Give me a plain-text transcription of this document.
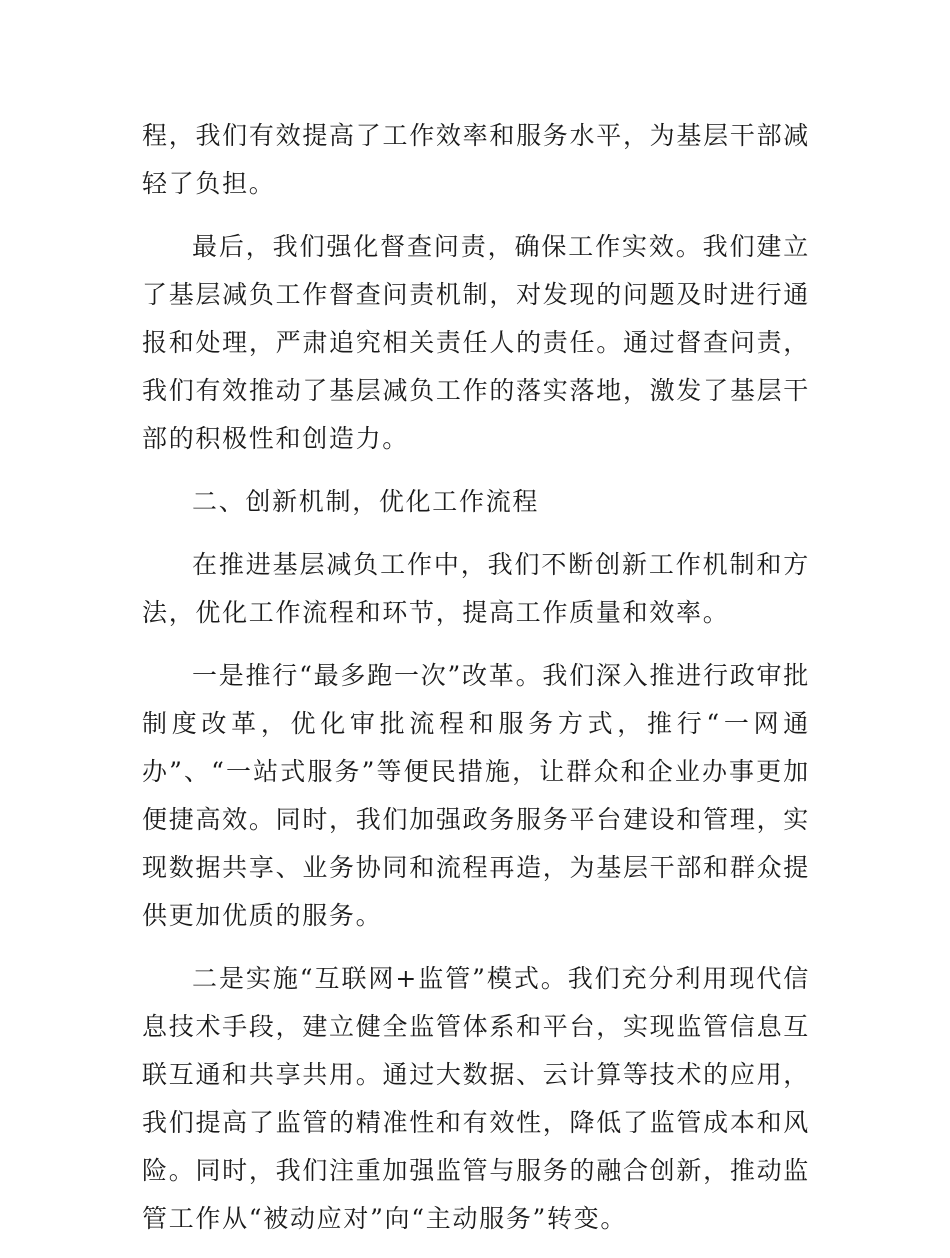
程，我们有效提高了工作效率和服务水平，为基层干部减轻了负担。

最后，我们强化督查问责，确保工作实效。我们建立了基层减负工作督查问责机制，对发现的问题及时进行通报和处理，严肃追究相关责任人的责任。通过督查问责，我们有效推动了基层减负工作的落实落地，激发了基层干部的积极性和创造力。

二、创新机制，优化工作流程

在推进基层减负工作中，我们不断创新工作机制和方法，优化工作流程和环节，提高工作质量和效率。

一是推行“最多跑一次”改革。我们深入推进行政审批制度改革，优化审批流程和服务方式，推行“一网通办”、“一站式服务”等便民措施，让群众和企业办事更加便捷高效。同时，我们加强政务服务平台建设和管理，实现数据共享、业务协同和流程再造，为基层干部和群众提供更加优质的服务。

二是实施“互联网+监管”模式。我们充分利用现代信息技术手段，建立健全监管体系和平台，实现监管信息互联互通和共享共用。通过大数据、云计算等技术的应用，我们提高了监管的精准性和有效性，降低了监管成本和风险。同时，我们注重加强监管与服务的融合创新，推动监管工作从“被动应对”向“主动服务”转变。
